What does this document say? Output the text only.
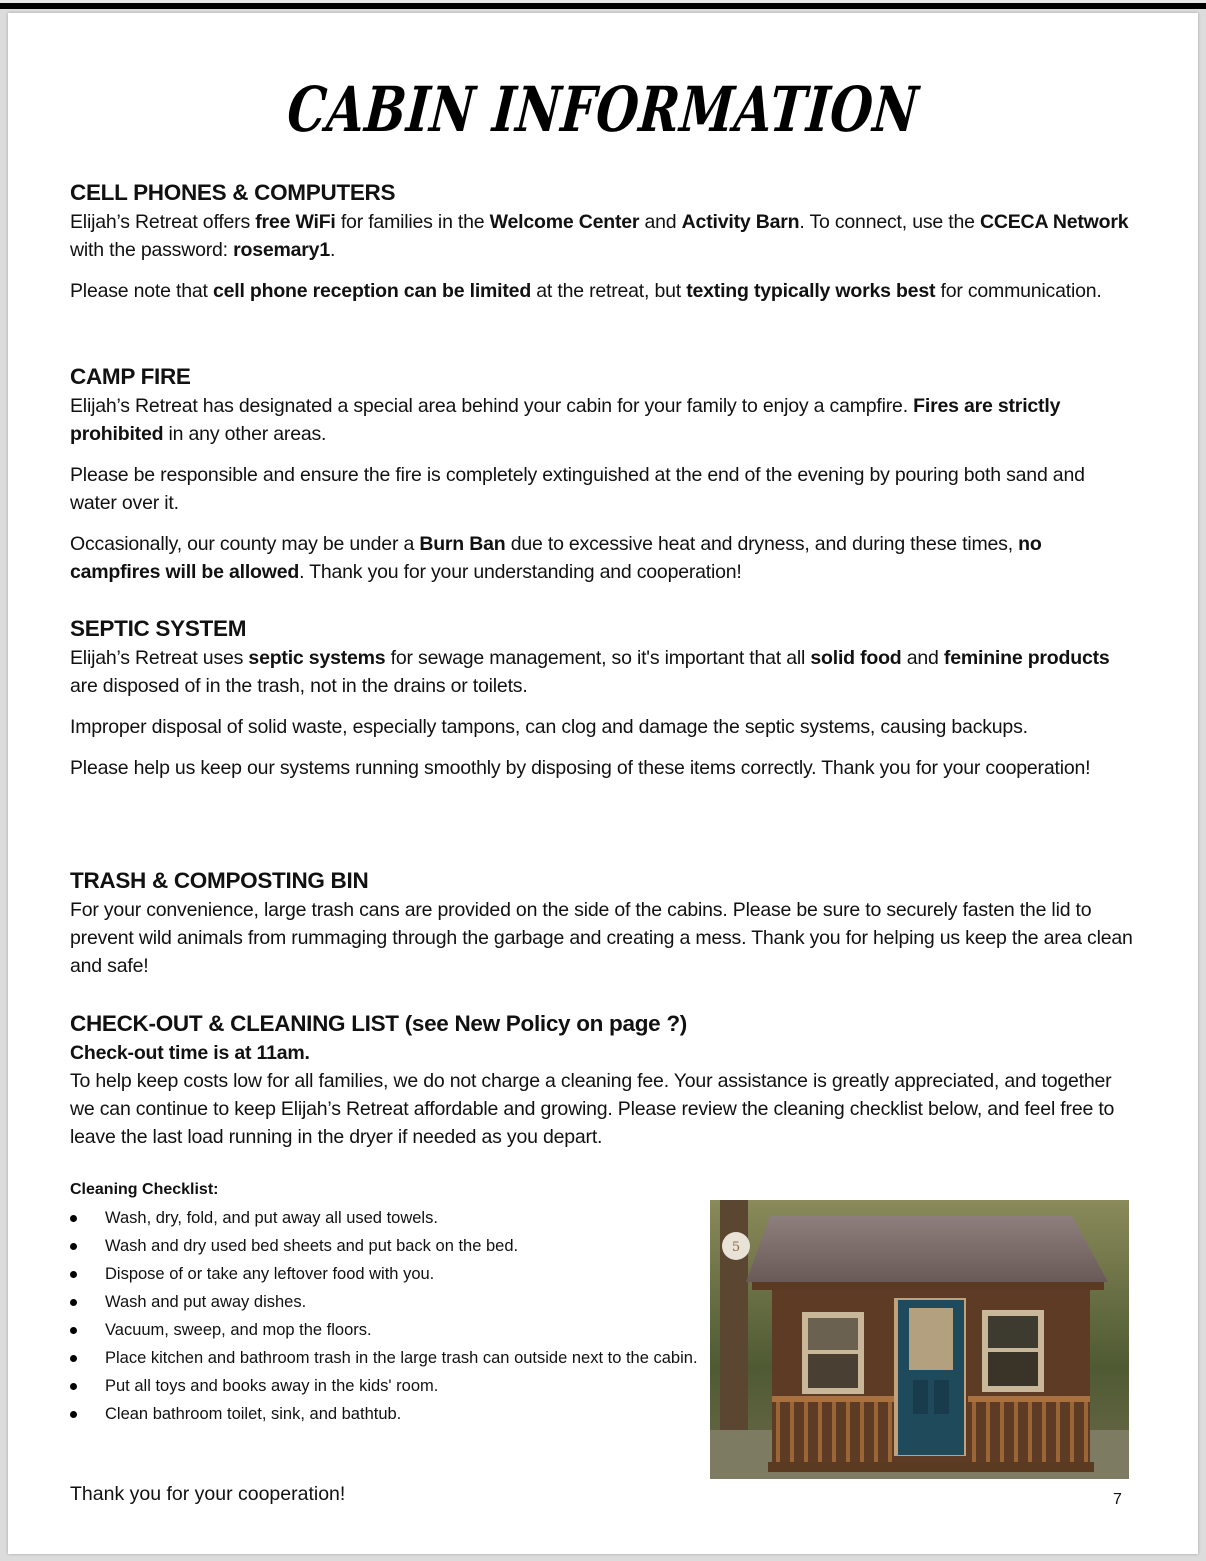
CABIN INFORMATION
CELL PHONES & COMPUTERS

Elijah’s Retreat offers free WiFi for families in the Welcome Center and Activity Barn. To connect, use the CCECA Network with the password: rosemary1.

Please note that cell phone reception can be limited at the retreat, but texting typically works best for communication.

CAMP FIRE

Elijah’s Retreat has designated a special area behind your cabin for your family to enjoy a campfire. Fires are strictly prohibited in any other areas.

Please be responsible and ensure the fire is completely extinguished at the end of the evening by pouring both sand and water over it.

Occasionally, our county may be under a Burn Ban due to excessive heat and dryness, and during these times, no campfires will be allowed. Thank you for your understanding and cooperation!

SEPTIC SYSTEM

Elijah’s Retreat uses septic systems for sewage management, so it's important that all solid food and feminine products are disposed of in the trash, not in the drains or toilets.

Improper disposal of solid waste, especially tampons, can clog and damage the septic systems, causing backups.

Please help us keep our systems running smoothly by disposing of these items correctly. Thank you for your cooperation!

TRASH & COMPOSTING BIN

For your convenience, large trash cans are provided on the side of the cabins. Please be sure to securely fasten the lid to prevent wild animals from rummaging through the garbage and creating a mess. Thank you for helping us keep the area clean and safe!

CHECK-OUT & CLEANING LIST (see New Policy on page ?)

Check-out time is at 11am.

To help keep costs low for all families, we do not charge a cleaning fee. Your assistance is greatly appreciated, and together we can continue to keep Elijah’s Retreat affordable and growing. Please review the cleaning checklist below, and feel free to leave the last load running in the dryer if needed as you depart.

Cleaning Checklist:
Wash, dry, fold, and put away all used towels.
Wash and dry used bed sheets and put back on the bed.
Dispose of or take any leftover food with you.
Wash and put away dishes.
Vacuum, sweep, and mop the floors.
Place kitchen and bathroom trash in the large trash can outside next to the cabin.
Put all toys and books away in the kids' room.
Clean bathroom toilet, sink, and bathtub.
5
Thank you for your cooperation!	7
